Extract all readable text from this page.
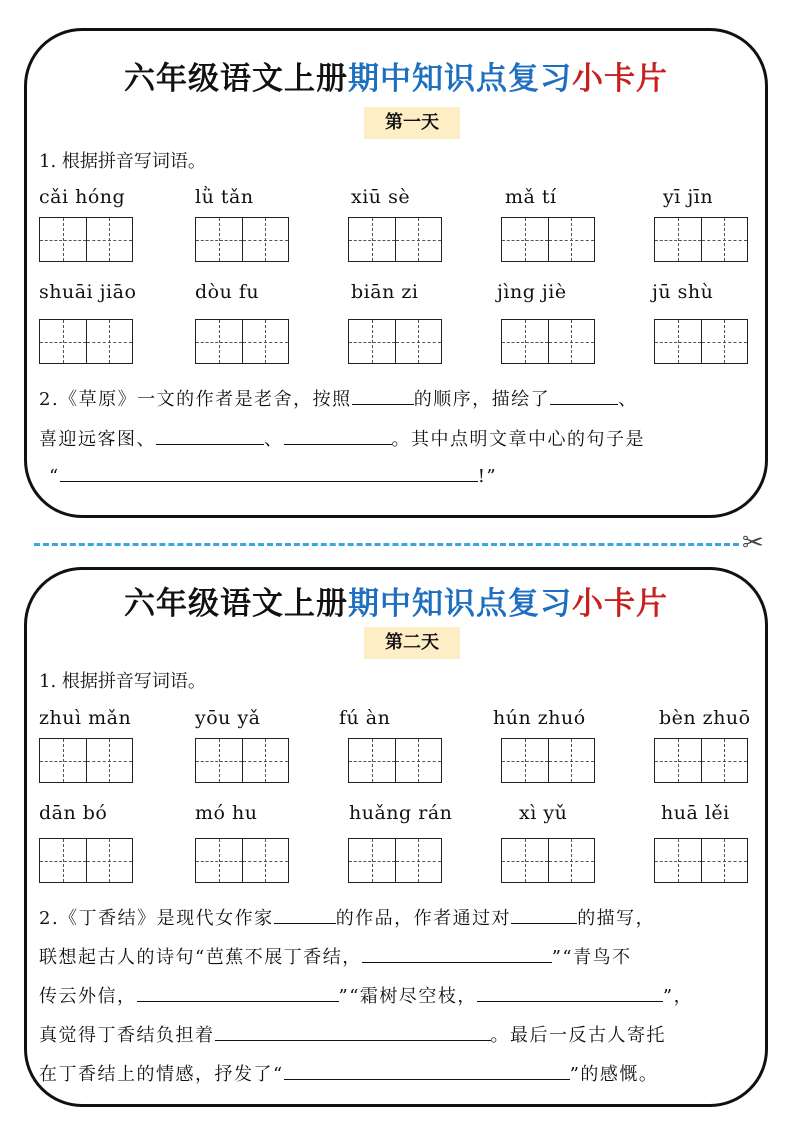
六年级语文上册期中知识点复习小卡片
第一天
1. 根据拼音写词语。
cǎi hóng	lǜ tǎn	xiū sè	mǎ tí	yī jīn
shuāi jiāo	dòu fu	biān zi	jìng jiè	jū shù
2.《草原》一文的作者是老舍，按照	的顺序，描绘了	、
喜迎远客图、	、	。其中点明文章中心的句子是
“	!”
✂
六年级语文上册期中知识点复习小卡片
第二天
1. 根据拼音写词语。
zhuì mǎn	yōu yǎ	fú àn	hún zhuó	bèn zhuō
dān bó	mó hu	huǎng rán	xì yǔ	huā lěi
2.《丁香结》是现代女作家	的作品，作者通过对	的描写，
联想起古人的诗句“芭蕉不展丁香结，	”“青鸟不
传云外信，	”“霜树尽空枝，	”，
真觉得丁香结负担着	。最后一反古人寄托
在丁香结上的情感，抒发了“	”的感慨。
